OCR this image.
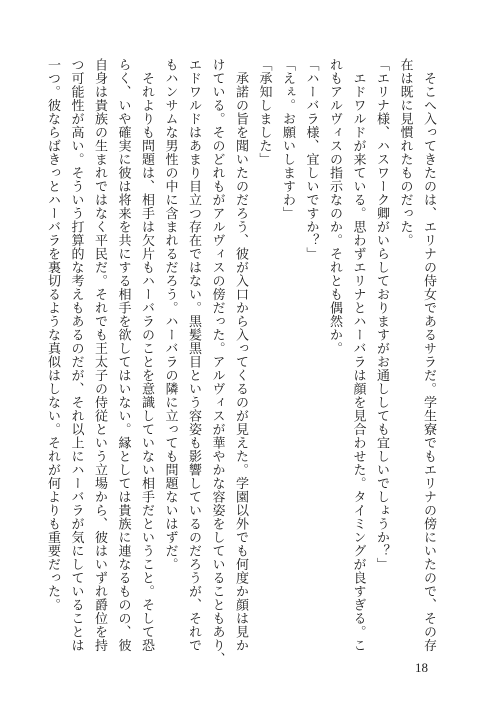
　そこへ入ってきたのは、エリナの侍女であるサラだ。学生寮でもエリナの傍にいたので、その存
在は既に見慣れたものだった。
「エリナ様、ハスワーク卿がいらしておりますがお通ししても宜しいでしょうか？」
　エドワルドが来ている。思わずエリナとハーバラは顔を見合わせた。タイミングが良すぎる。こ
れもアルヴィスの指示なのか。それとも偶然か。
「ハーバラ様、宜しいですか？」
「えぇ。お願いしますわ」
「承知しました」
　承諾の旨を聞いたのだろう、彼が入口から入ってくるのが見えた。学園以外でも何度か顔は見か
けている。そのどれもがアルヴィスの傍だった。アルヴィスが華やかな容姿をしていることもあり、
エドワルドはあまり目立つ存在ではない。黒髪黒目という容姿も影響しているのだろうが、それで
もハンサムな男性の中に含まれるだろう。ハーバラの隣に立っても問題ないはずだ。
　それよりも問題は、相手は欠片もハーバラのことを意識していない相手だということ。そして恐
らく、いや確実に彼は将来を共にする相手を欲してはいない。縁としては貴族に連なるものの、彼
自身は貴族の生まれではなく平民だ。それでも王太子の侍従という立場から、彼はいずれ爵位を持
つ可能性が高い。そういう打算的な考えもあるのだが、それ以上にハーバラが気にしていることは
一つ。彼ならばきっとハーバラを裏切るような真似はしない。それが何よりも重要だった。
18
